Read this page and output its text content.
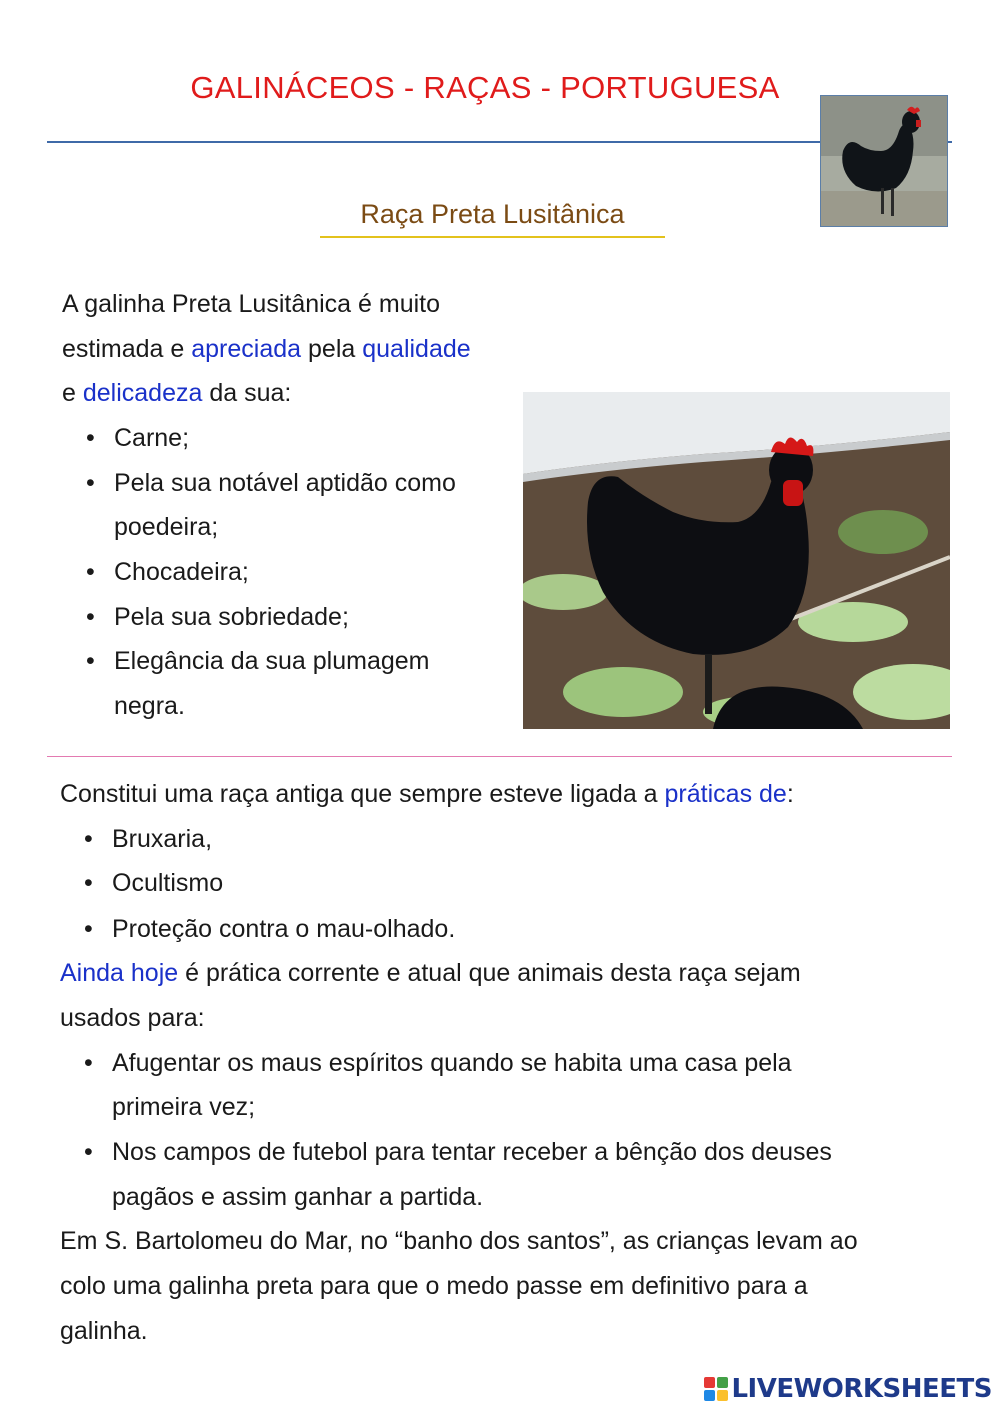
GALINÁCEOS - RAÇAS - PORTUGUESA
Raça Preta Lusitânica
A galinha Preta Lusitânica é muito
estimada e apreciada pela qualidade
e delicadeza da sua:
• Carne;
• Pela sua notável aptidão como
poedeira;
• Chocadeira;
• Pela sua sobriedade;
• Elegância da sua plumagem
negra.
Constitui uma raça antiga que sempre esteve ligada a práticas de:
• Bruxaria,
• Ocultismo
• Proteção contra o mau-olhado.
Ainda hoje é prática corrente e atual que animais desta raça sejam
usados para:
• Afugentar os maus espíritos quando se habita uma casa pela
primeira vez;
• Nos campos de futebol para tentar receber a bênção dos deuses
pagãos e assim ganhar a partida.
Em S. Bartolomeu do Mar, no “banho dos santos”, as crianças levam ao
colo uma galinha preta para que o medo passe em definitivo para a
galinha.
LIVEWORKSHEETS
